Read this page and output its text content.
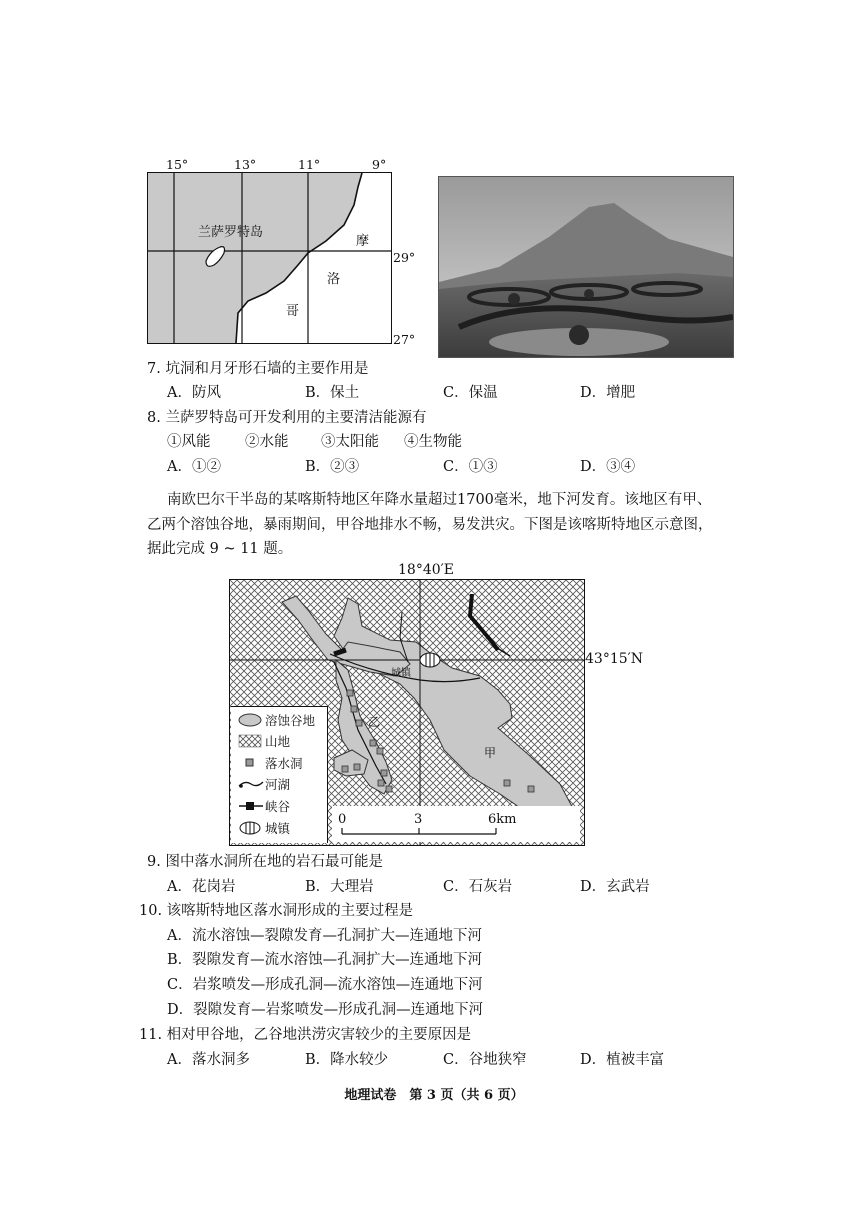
15°	13°	11°	9°
兰萨罗特岛
摩
洛
哥
29°
27°
7. 坑洞和月牙形石墙的主要作用是
A．防风	B．保土	C．保温	D．增肥
8. 兰萨罗特岛可开发利用的主要清洁能源有
①风能 ②水能 ③太阳能 ④生物能
A．①②	B．②③	C．①③	D．③④
南欧巴尔干半岛的某喀斯特地区年降水量超过1700毫米，地下河发育。该地区有甲、
乙两个溶蚀谷地，暴雨期间，甲谷地排水不畅，易发洪灾。下图是该喀斯特地区示意图，
据此完成 9 ~ 11 题。
18°40′E
43°15′N
甲
乙
城镇
溶蚀谷地
山地
落水洞
河湖
峡谷
城镇
0	3	6km
9. 图中落水洞所在地的岩石最可能是
A．花岗岩	B．大理岩	C．石灰岩	D．玄武岩
10. 该喀斯特地区落水洞形成的主要过程是
A．流水溶蚀—裂隙发育—孔洞扩大—连通地下河
B．裂隙发育—流水溶蚀—孔洞扩大—连通地下河
C．岩浆喷发—形成孔洞—流水溶蚀—连通地下河
D．裂隙发育—岩浆喷发—形成孔洞—连通地下河
11. 相对甲谷地，乙谷地洪涝灾害较少的主要原因是
A．落水洞多	B．降水较少	C．谷地狭窄	D．植被丰富
地理试卷　第 3 页（共 6 页）
